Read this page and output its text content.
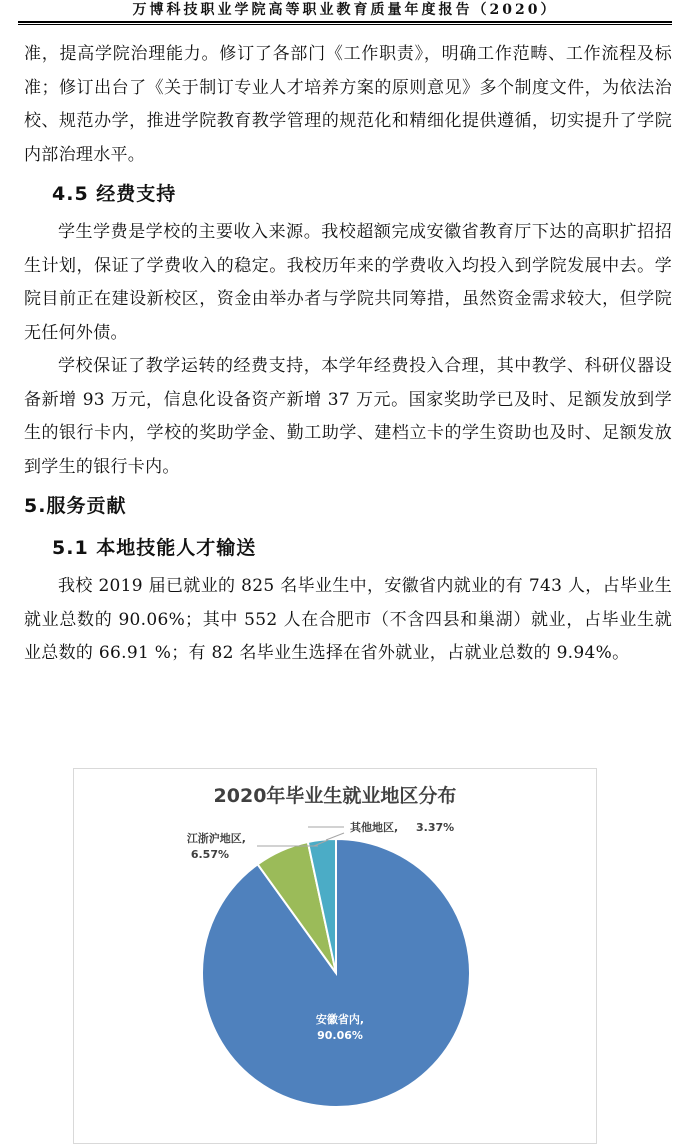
万博科技职业学院高等职业教育质量年度报告（2020）

准，提高学院治理能力。修订了各部门《工作职责》，明确工作范畴、工作流程及标准；修订出台了《关于制订专业人才培养方案的原则意见》多个制度文件，为依法治校、规范办学，推进学院教育教学管理的规范化和精细化提供遵循，切实提升了学院内部治理水平。

4.5 经费支持

学生学费是学校的主要收入来源。我校超额完成安徽省教育厅下达的高职扩招招生计划，保证了学费收入的稳定。我校历年来的学费收入均投入到学院发展中去。学院目前正在建设新校区，资金由举办者与学院共同筹措，虽然资金需求较大，但学院无任何外债。

学校保证了教学运转的经费支持，本学年经费投入合理，其中教学、科研仪器设备新增 93 万元，信息化设备资产新增 37 万元。国家奖助学已及时、足额发放到学生的银行卡内，学校的奖助学金、勤工助学、建档立卡的学生资助也及时、足额发放到学生的银行卡内。

5.服务贡献
5.1 本地技能人才输送

我校 2019 届已就业的 825 名毕业生中，安徽省内就业的有 743 人，占毕业生就业总数的 90.06%；其中 552 人在合肥市（不含四县和巢湖）就业，占毕业生就业总数的 66.91 %；有 82 名毕业生选择在省外就业，占就业总数的 9.94%。

2020年毕业生就业地区分布
江浙沪地区,
6.57%
其他地区, 3.37%
安徽省内,
90.06%
